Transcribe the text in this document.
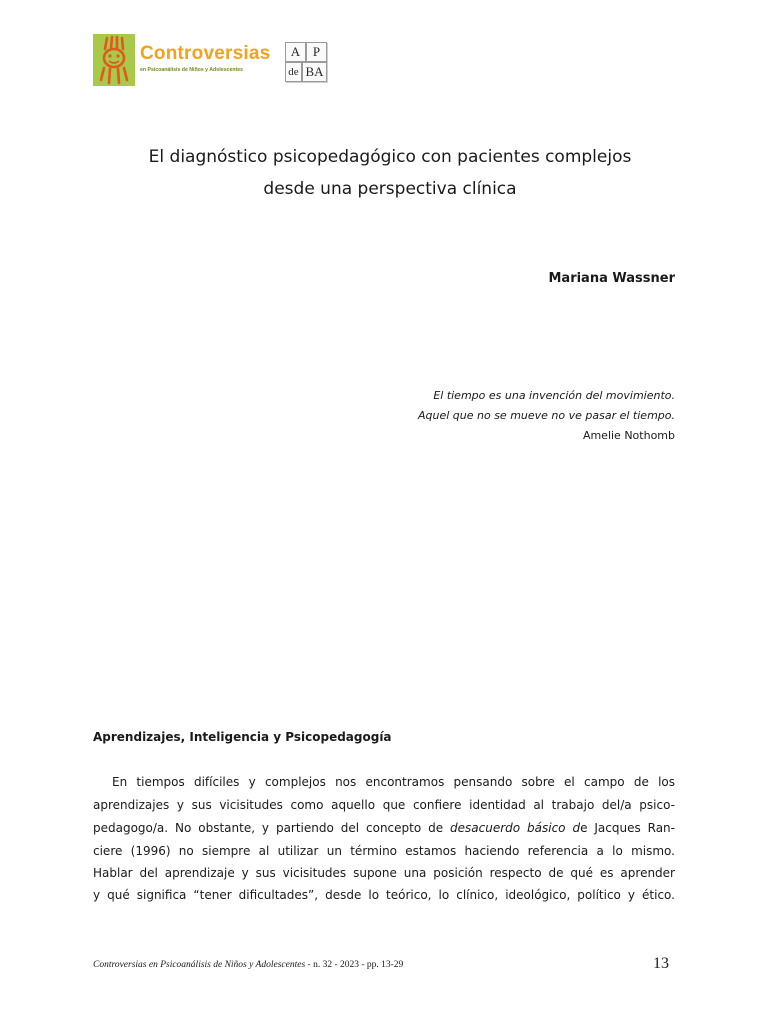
Controversias
en Psicoanálisis de Niños y Adolescentes
A P
de BA
El diagnóstico psicopedagógico con pacientes complejos
desde una perspectiva clínica
Mariana Wassner
El tiempo es una invención del movimiento.
Aquel que no se mueve no ve pasar el tiempo.
Amelie Nothomb
Aprendizajes, Inteligencia y Psicopedagogía
En tiempos difíciles y complejos nos encontramos pensando sobre el campo de los
aprendizajes y sus vicisitudes como aquello que confiere identidad al trabajo del/a psico-
pedagogo/a. No obstante, y partiendo del concepto de desacuerdo básico de Jacques Ran-
ciere (1996) no siempre al utilizar un término estamos haciendo referencia a lo mismo.
Hablar del aprendizaje y sus vicisitudes supone una posición respecto de qué es aprender
y qué significa “tener dificultades”, desde lo teórico, lo clínico, ideológico, político y ético.
Controversias en Psicoanálisis de Niños y Adolescentes - n. 32 - 2023 - pp. 13-29	13
